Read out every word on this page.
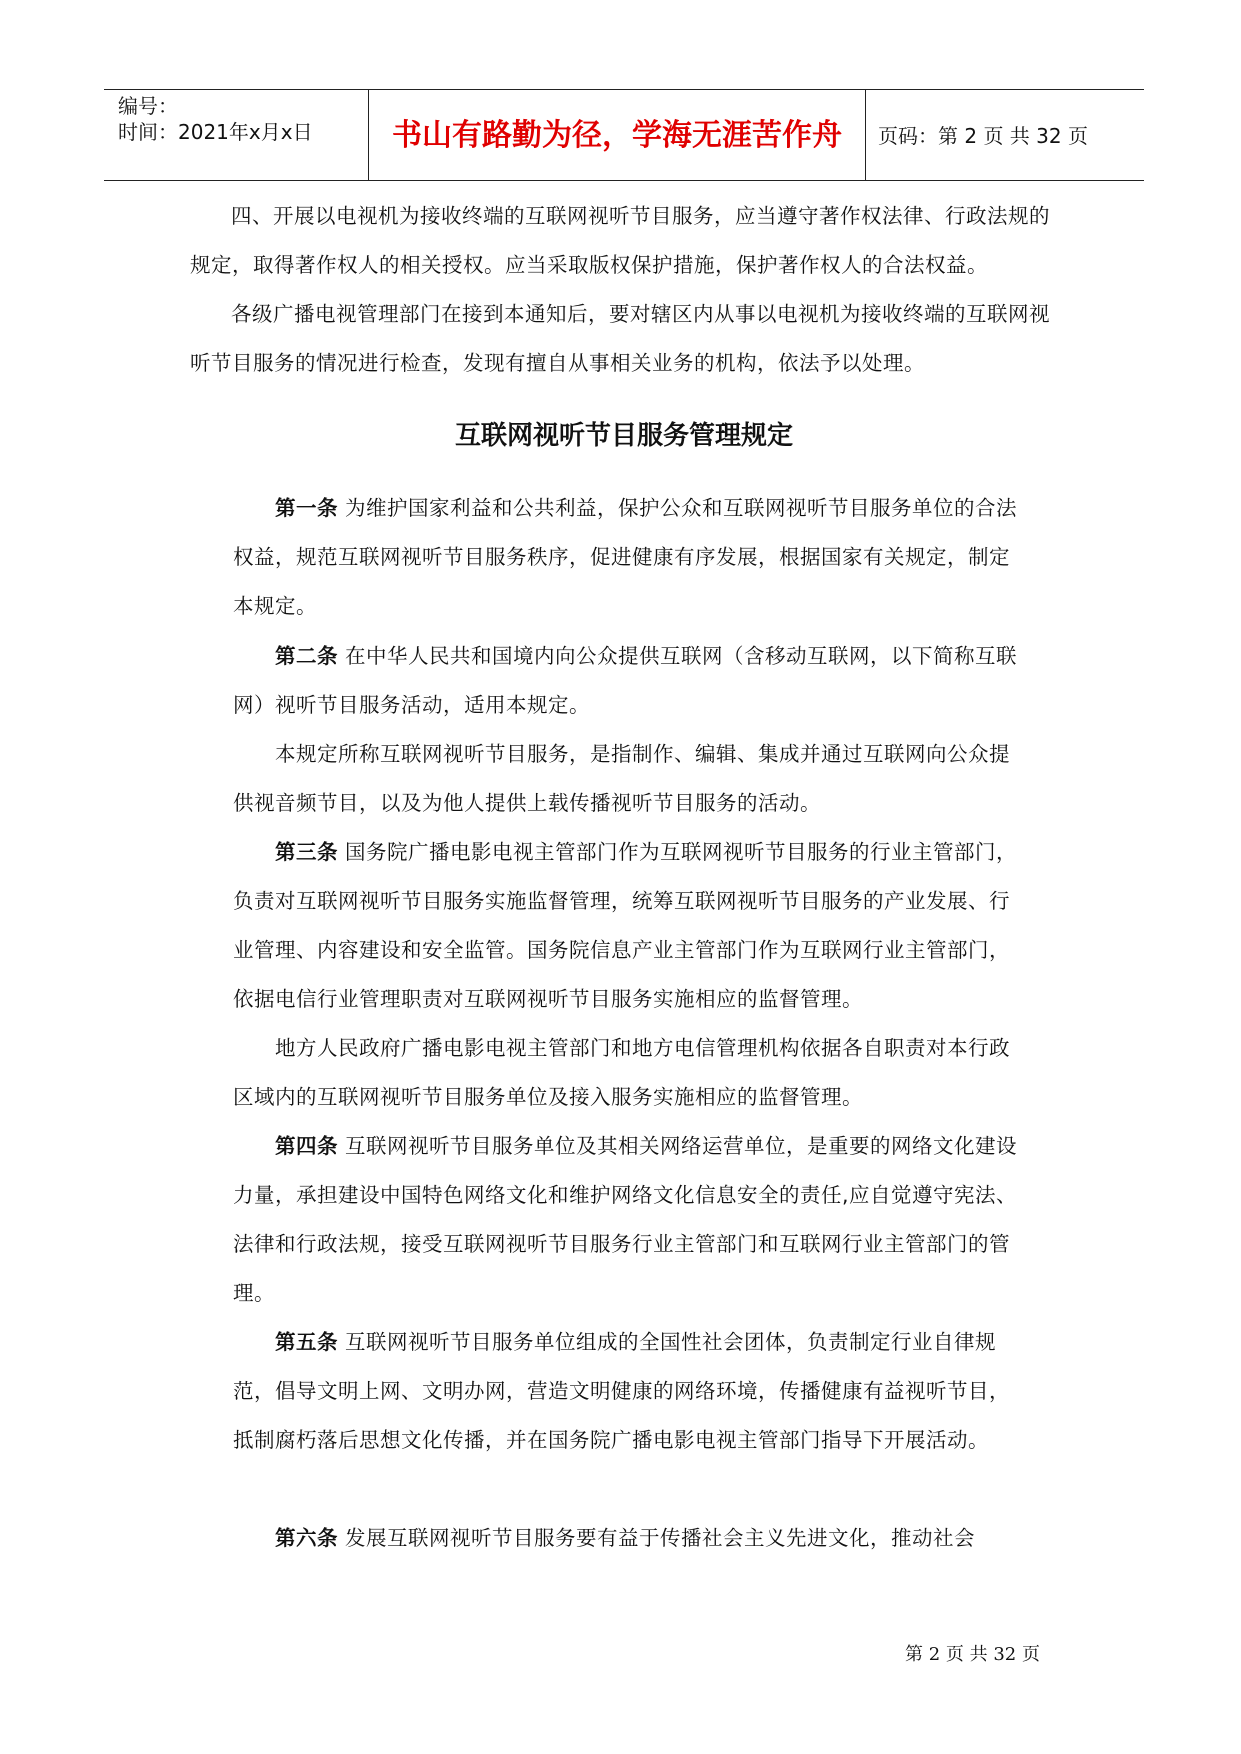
编号：
时间：2021年x月x日	书山有路勤为径，学海无涯苦作舟	页码：第 2 页 共 32 页

四、开展以电视机为接收终端的互联网视听节目服务，应当遵守著作权法律、行政法规的规定，取得著作权人的相关授权。应当采取版权保护措施，保护著作权人的合法权益。

各级广播电视管理部门在接到本通知后，要对辖区内从事以电视机为接收终端的互联网视听节目服务的情况进行检查，发现有擅自从事相关业务的机构，依法予以处理。

互联网视听节目服务管理规定

第一条 为维护国家利益和公共利益，保护公众和互联网视听节目服务单位的合法权益，规范互联网视听节目服务秩序，促进健康有序发展，根据国家有关规定，制定本规定。

第二条 在中华人民共和国境内向公众提供互联网（含移动互联网，以下简称互联网）视听节目服务活动，适用本规定。

本规定所称互联网视听节目服务，是指制作、编辑、集成并通过互联网向公众提供视音频节目，以及为他人提供上载传播视听节目服务的活动。

第三条 国务院广播电影电视主管部门作为互联网视听节目服务的行业主管部门，负责对互联网视听节目服务实施监督管理，统筹互联网视听节目服务的产业发展、行业管理、内容建设和安全监管。国务院信息产业主管部门作为互联网行业主管部门，依据电信行业管理职责对互联网视听节目服务实施相应的监督管理。

地方人民政府广播电影电视主管部门和地方电信管理机构依据各自职责对本行政区域内的互联网视听节目服务单位及接入服务实施相应的监督管理。

第四条 互联网视听节目服务单位及其相关网络运营单位，是重要的网络文化建设力量，承担建设中国特色网络文化和维护网络文化信息安全的责任,应自觉遵守宪法、法律和行政法规，接受互联网视听节目服务行业主管部门和互联网行业主管部门的管理。

第五条 互联网视听节目服务单位组成的全国性社会团体，负责制定行业自律规范，倡导文明上网、文明办网，营造文明健康的网络环境，传播健康有益视听节目，抵制腐朽落后思想文化传播，并在国务院广播电影电视主管部门指导下开展活动。

第六条 发展互联网视听节目服务要有益于传播社会主义先进文化，推动社会

第 2 页 共 32 页
